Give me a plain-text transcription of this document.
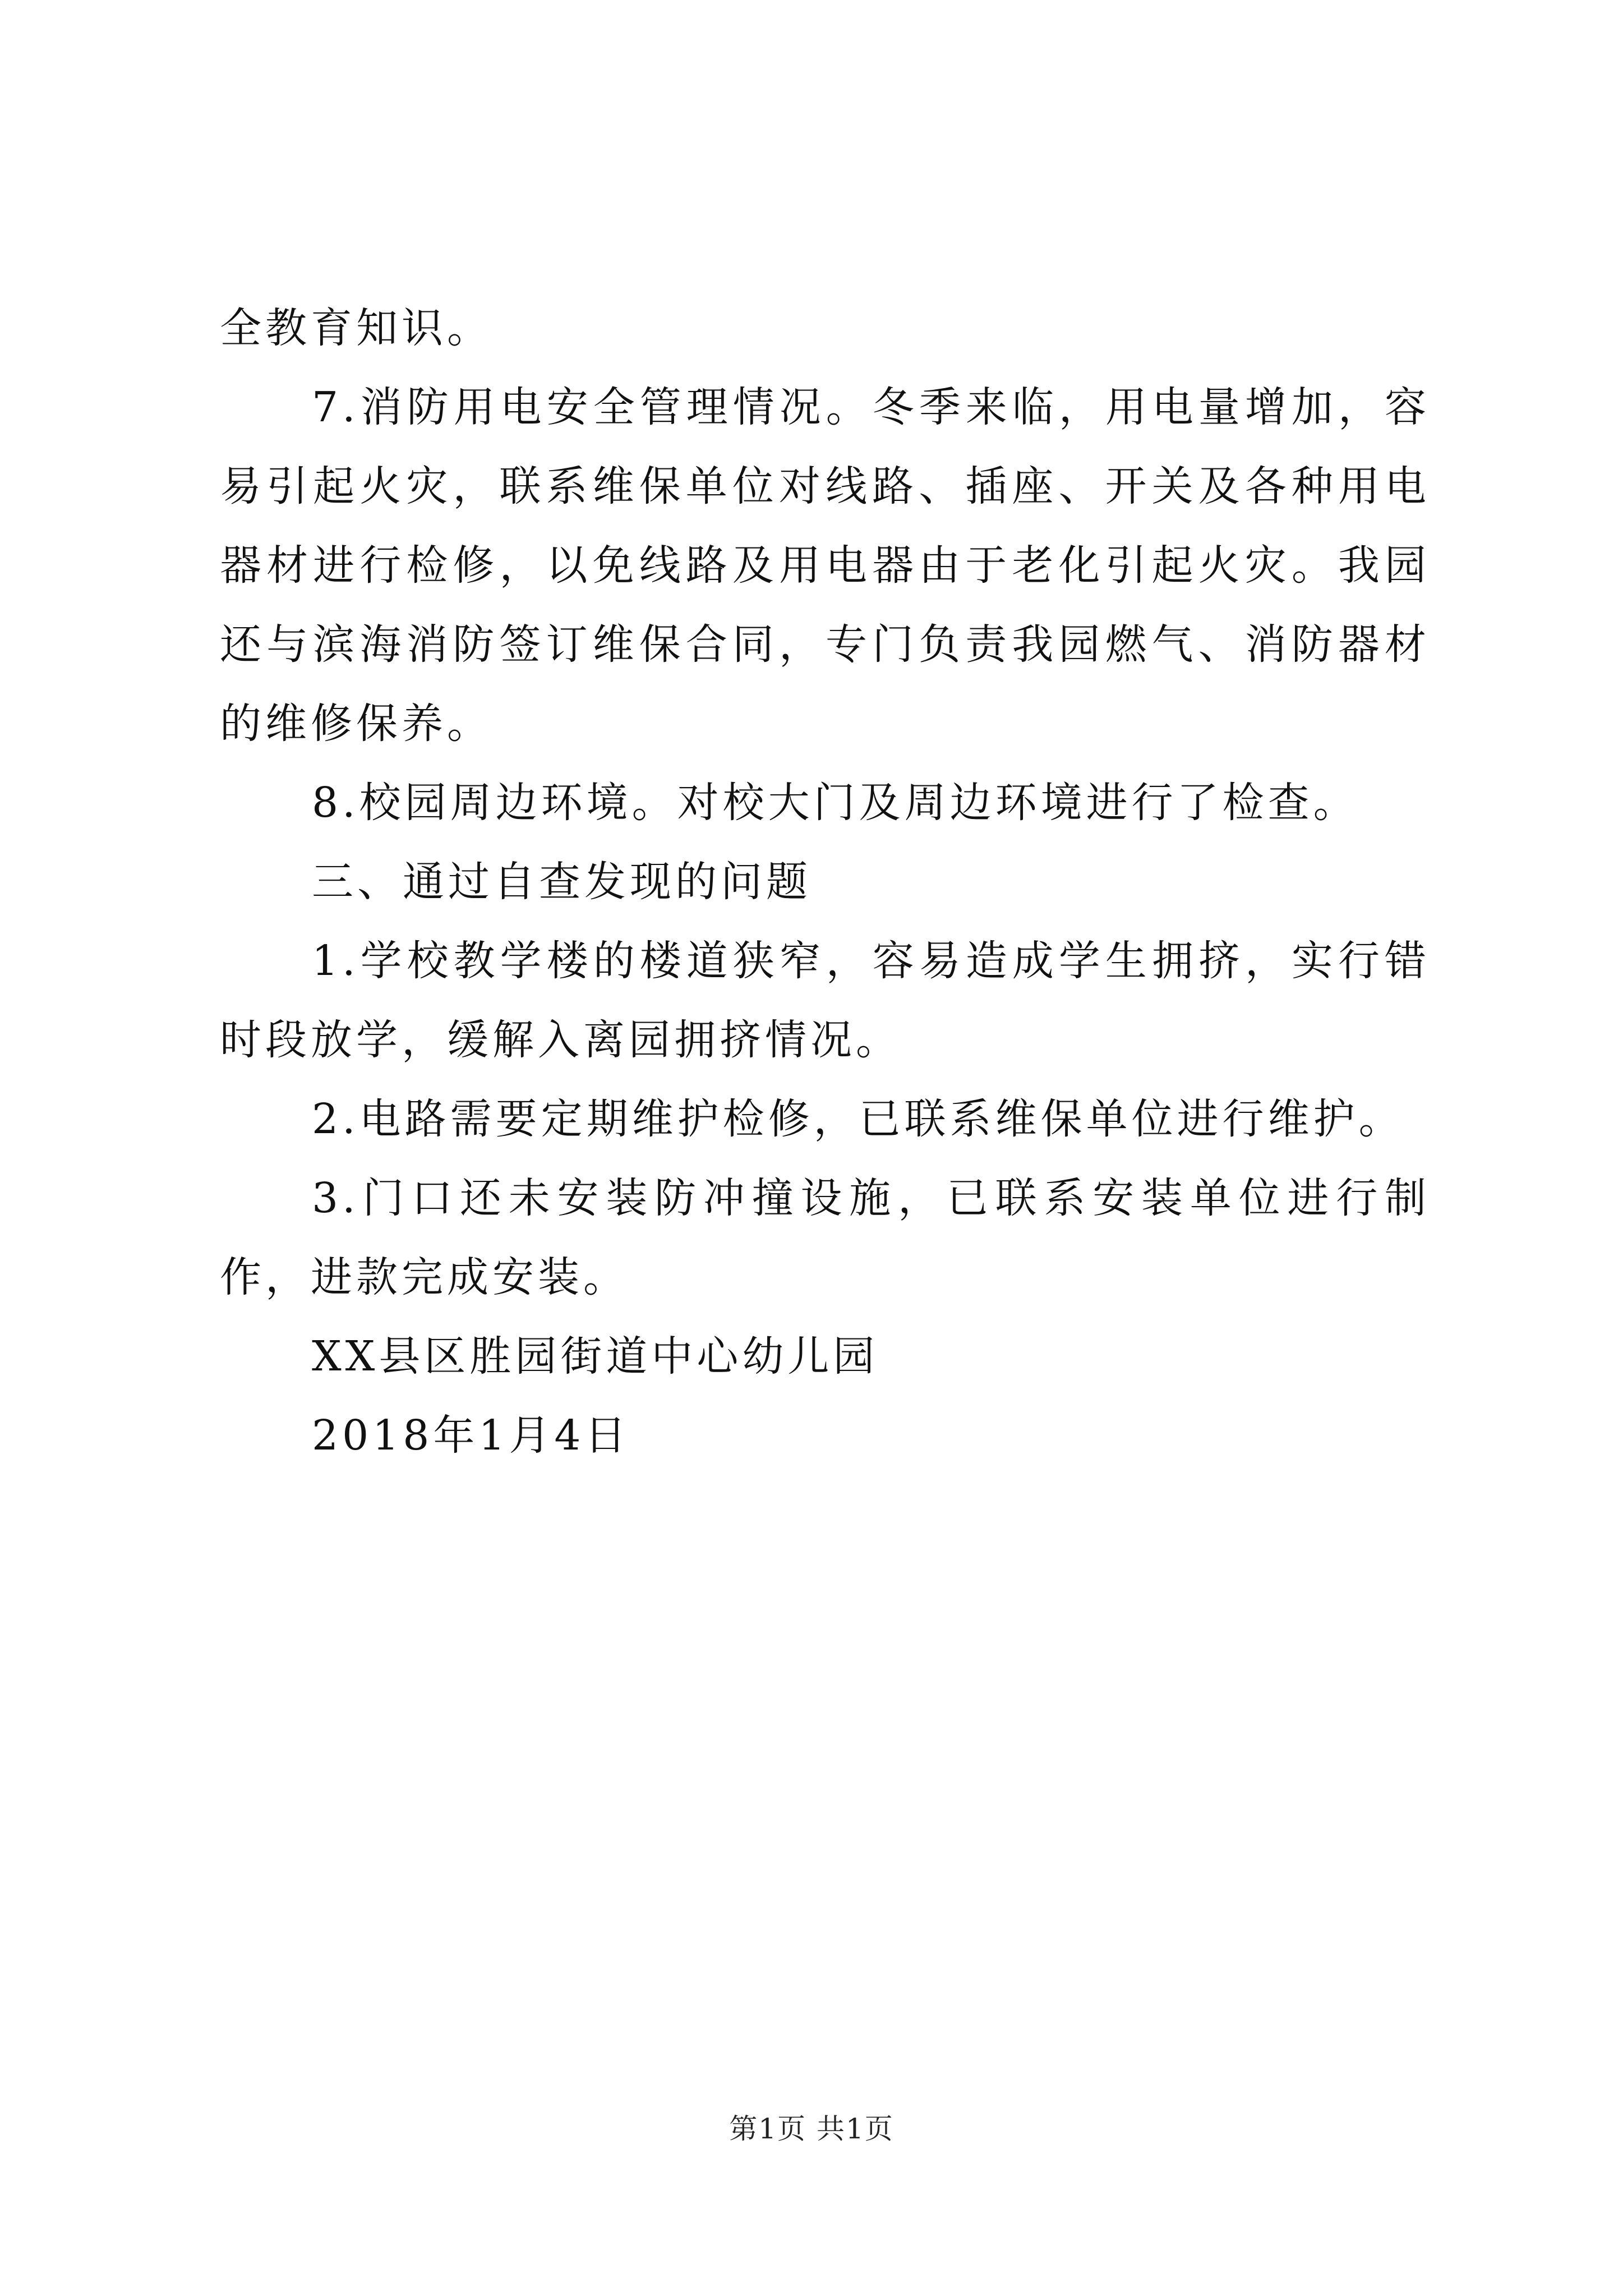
全教育知识。

7.消防用电安全管理情况。冬季来临，用电量增加，容易引起火灾，联系维保单位对线路、插座、开关及各种用电器材进行检修，以免线路及用电器由于老化引起火灾。我园还与滨海消防签订维保合同，专门负责我园燃气、消防器材的维修保养。

8.校园周边环境。对校大门及周边环境进行了检查。

三、通过自查发现的问题

1.学校教学楼的楼道狭窄，容易造成学生拥挤，实行错时段放学，缓解入离园拥挤情况。

2.电路需要定期维护检修，已联系维保单位进行维护。

3.门口还未安装防冲撞设施，已联系安装单位进行制作，进款完成安装。

XX县区胜园街道中心幼儿园

2018年1月4日

第1页 共1页
